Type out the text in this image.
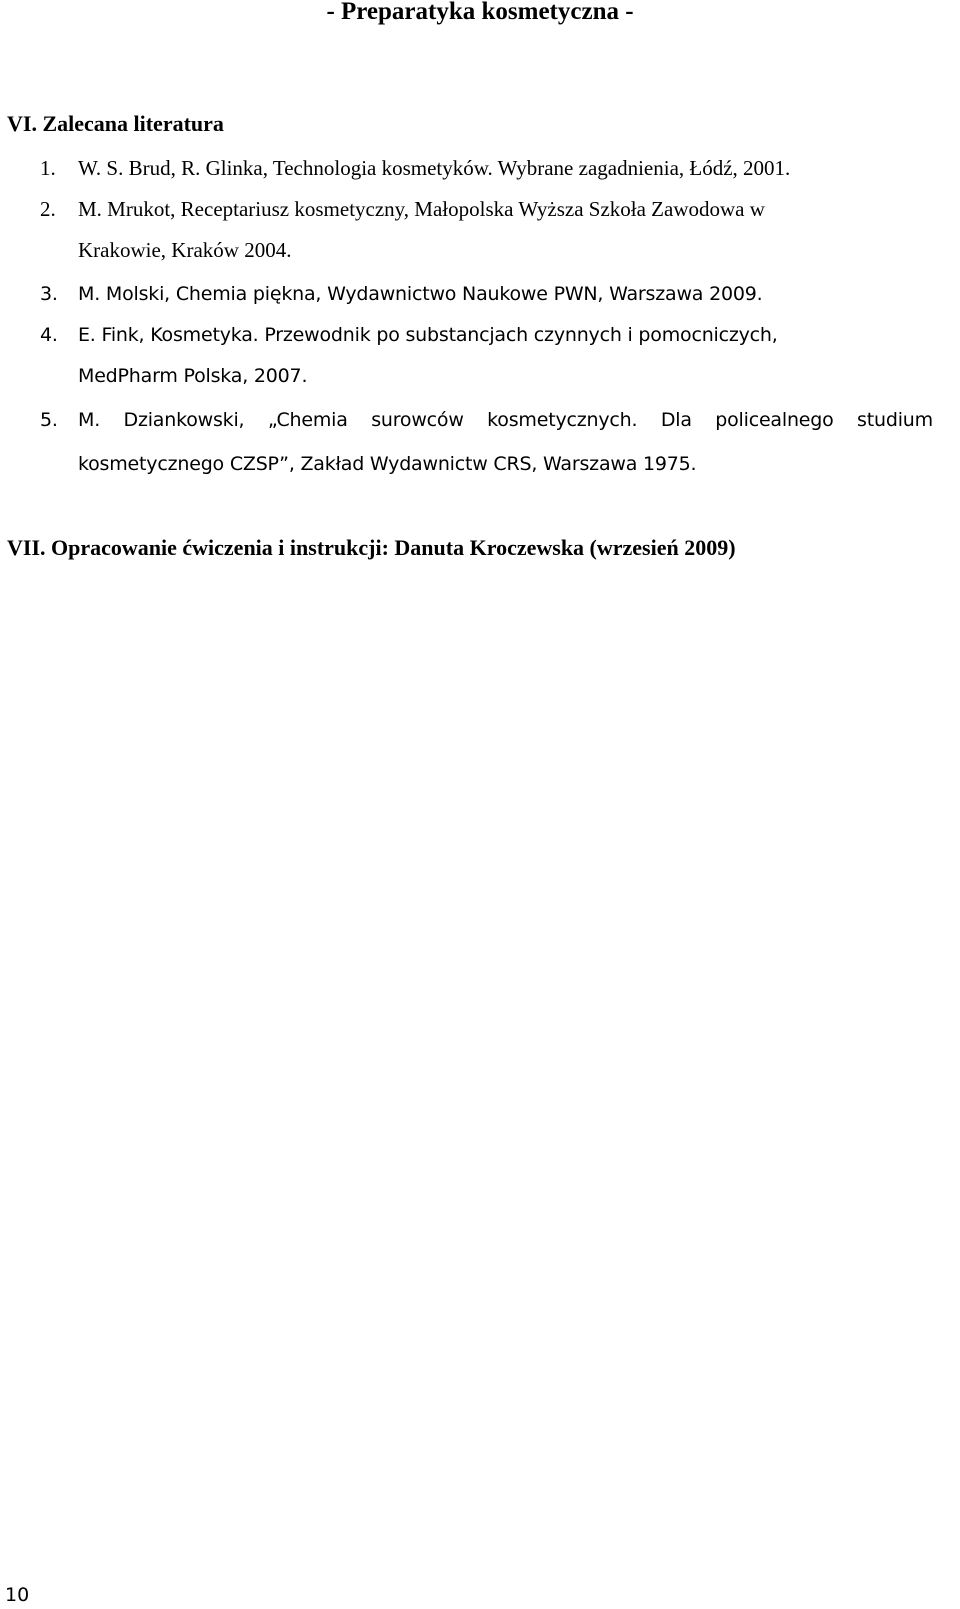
- Preparatyka kosmetyczna -
VI. Zalecana literatura
1. W. S. Brud, R. Glinka, Technologia kosmetyków. Wybrane zagadnienia, Łódź, 2001.
2. M. Mrukot, Receptariusz kosmetyczny, Małopolska Wyższa Szkoła Zawodowa w
Krakowie, Kraków 2004.
3. M. Molski, Chemia piękna, Wydawnictwo Naukowe PWN, Warszawa 2009.
4. E. Fink, Kosmetyka. Przewodnik po substancjach czynnych i pomocniczych,
MedPharm Polska, 2007.
5. M. Dziankowski, „Chemia surowców kosmetycznych. Dla policealnego studium
kosmetycznego CZSP”, Zakład Wydawnictw CRS, Warszawa 1975.
VII. Opracowanie ćwiczenia i instrukcji: Danuta Kroczewska (wrzesień 2009)
10
